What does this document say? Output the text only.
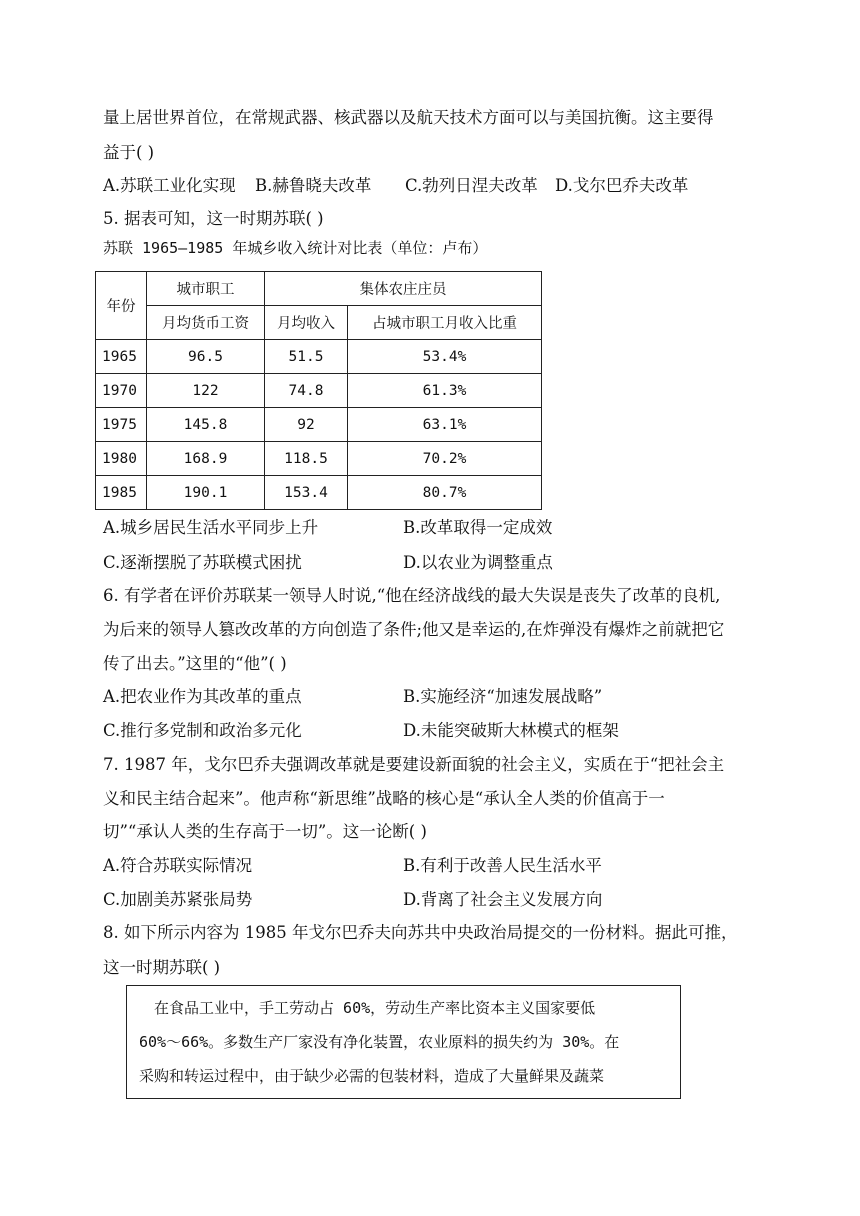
量上居世界首位，在常规武器、核武器以及航天技术方面可以与美国抗衡。这主要得
益于( )
A.苏联工业化实现 B.赫鲁晓夫改革 C.勃列日涅夫改革 D.戈尔巴乔夫改革
5. 据表可知，这一时期苏联( )
苏联 1965—1985 年城乡收入统计对比表（单位：卢布）
年份	城市职工	集体农庄庄员	
	月均货币工资	月均收入	占城市职工月收入比重
1965	96.5	51.5	53.4%
1970	122	74.8	61.3%
1975	145.8	92	63.1%
1980	168.9	118.5	70.2%
1985	190.1	153.4	80.7%
A.城乡居民生活水平同步上升	B.改革取得一定成效
C.逐渐摆脱了苏联模式困扰	D.以农业为调整重点
6. 有学者在评价苏联某一领导人时说,“他在经济战线的最大失误是丧失了改革的良机,
为后来的领导人篡改改革的方向创造了条件;他又是幸运的,在炸弹没有爆炸之前就把它
传了出去。”这里的“他”( )
A.把农业作为其改革的重点	B.实施经济“加速发展战略”
C.推行多党制和政治多元化	D.未能突破斯大林模式的框架
7. 1987 年，戈尔巴乔夫强调改革就是要建设新面貌的社会主义，实质在于“把社会主
义和民主结合起来”。他声称“新思维”战略的核心是“承认全人类的价值高于一
切”“承认人类的生存高于一切”。这一论断( )
A.符合苏联实际情况	B.有利于改善人民生活水平
C.加剧美苏紧张局势	D.背离了社会主义发展方向
8. 如下所示内容为 1985 年戈尔巴乔夫向苏共中央政治局提交的一份材料。据此可推，
这一时期苏联( )
　在食品工业中，手工劳动占 60%，劳动生产率比资本主义国家要低
60%～66%。多数生产厂家没有净化装置，农业原料的损失约为 30%。在
采购和转运过程中，由于缺少必需的包装材料，造成了大量鲜果及蔬菜
